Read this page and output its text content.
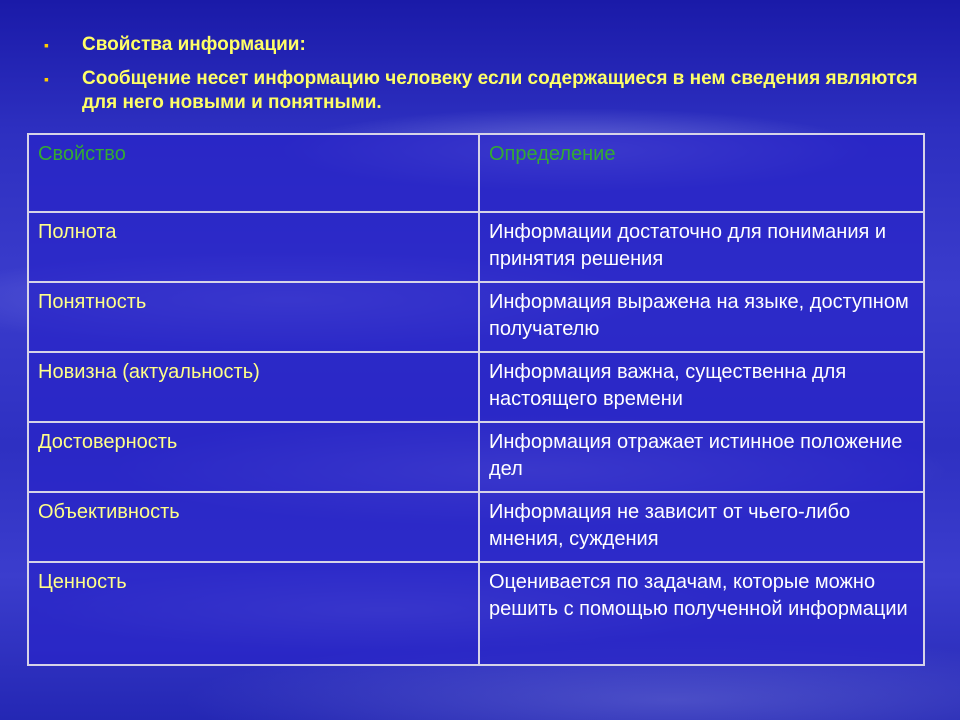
▪ Свойства информации:
▪ Сообщение несет информацию человеку если содержащиеся в нем сведения являются для него новыми и понятными.
Свойство	Определение
Полнота	Информации достаточно для понимания и принятия решения
Понятность	Информация выражена на языке, доступном получателю
Новизна (актуальность)	Информация важна, существенна для настоящего времени
Достоверность	Информация отражает истинное положение дел
Объективность	Информация не зависит от чьего-либо мнения, суждения
Ценность	Оценивается по задачам, которые можно решить с помощью полученной информации
